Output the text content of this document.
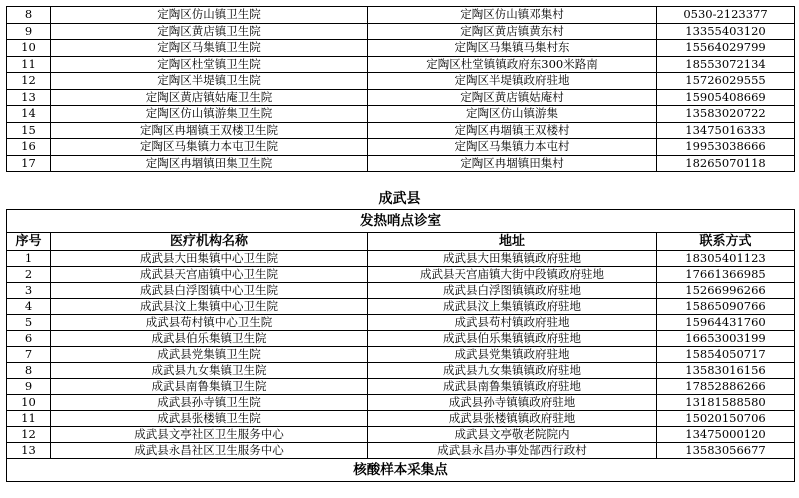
8	定陶区仿山镇卫生院	定陶区仿山镇邓集村	0530-2123377
9	定陶区黄店镇卫生院	定陶区黄店镇黄东村	13355403120
10	定陶区马集镇卫生院	定陶区马集镇马集村东	15564029799
11	定陶区杜堂镇卫生院	定陶区杜堂镇镇政府东300米路南	18553072134
12	定陶区半堤镇卫生院	定陶区半堤镇政府驻地	15726029555
13	定陶区黄店镇姑庵卫生院	定陶区黄店镇姑庵村	15905408669
14	定陶区仿山镇游集卫生院	定陶区仿山镇游集	13583020722
15	定陶区冉堌镇王双楼卫生院	定陶区冉堌镇王双楼村	13475016333
16	定陶区马集镇力本屯卫生院	定陶区马集镇力本屯村	19953038666
17	定陶区冉堌镇田集卫生院	定陶区冉堌镇田集村	18265070118
成武县
发热哨点诊室			
序号	医疗机构名称	地址	联系方式
1	成武县大田集镇中心卫生院	成武县大田集镇镇政府驻地	18305401123
2	成武县天宫庙镇中心卫生院	成武县天宫庙镇大街中段镇政府驻地	17661366985
3	成武县白浮图镇中心卫生院	成武县白浮图镇镇政府驻地	15266996266
4	成武县汶上集镇中心卫生院	成武县汶上集镇镇政府驻地	15865090766
5	成武县苟村镇中心卫生院	成武县苟村镇政府驻地	15964431760
6	成武县伯乐集镇卫生院	成武县伯乐集镇镇政府驻地	16653003199
7	成武县党集镇卫生院	成武县党集镇政府驻地	15854050717
8	成武县九女集镇卫生院	成武县九女集镇镇政府驻地	13583016156
9	成武县南鲁集镇卫生院	成武县南鲁集镇镇政府驻地	17852886266
10	成武县孙寺镇卫生院	成武县孙寺镇镇政府驻地	13181588580
11	成武县张楼镇卫生院	成武县张楼镇镇政府驻地	15020150706
12	成武县文亭社区卫生服务中心	成武县文亭敬老院院内	13475000120
13	成武县永昌社区卫生服务中心	成武县永昌办事处郜西行政村	13583056677
核酸样本采集点			
